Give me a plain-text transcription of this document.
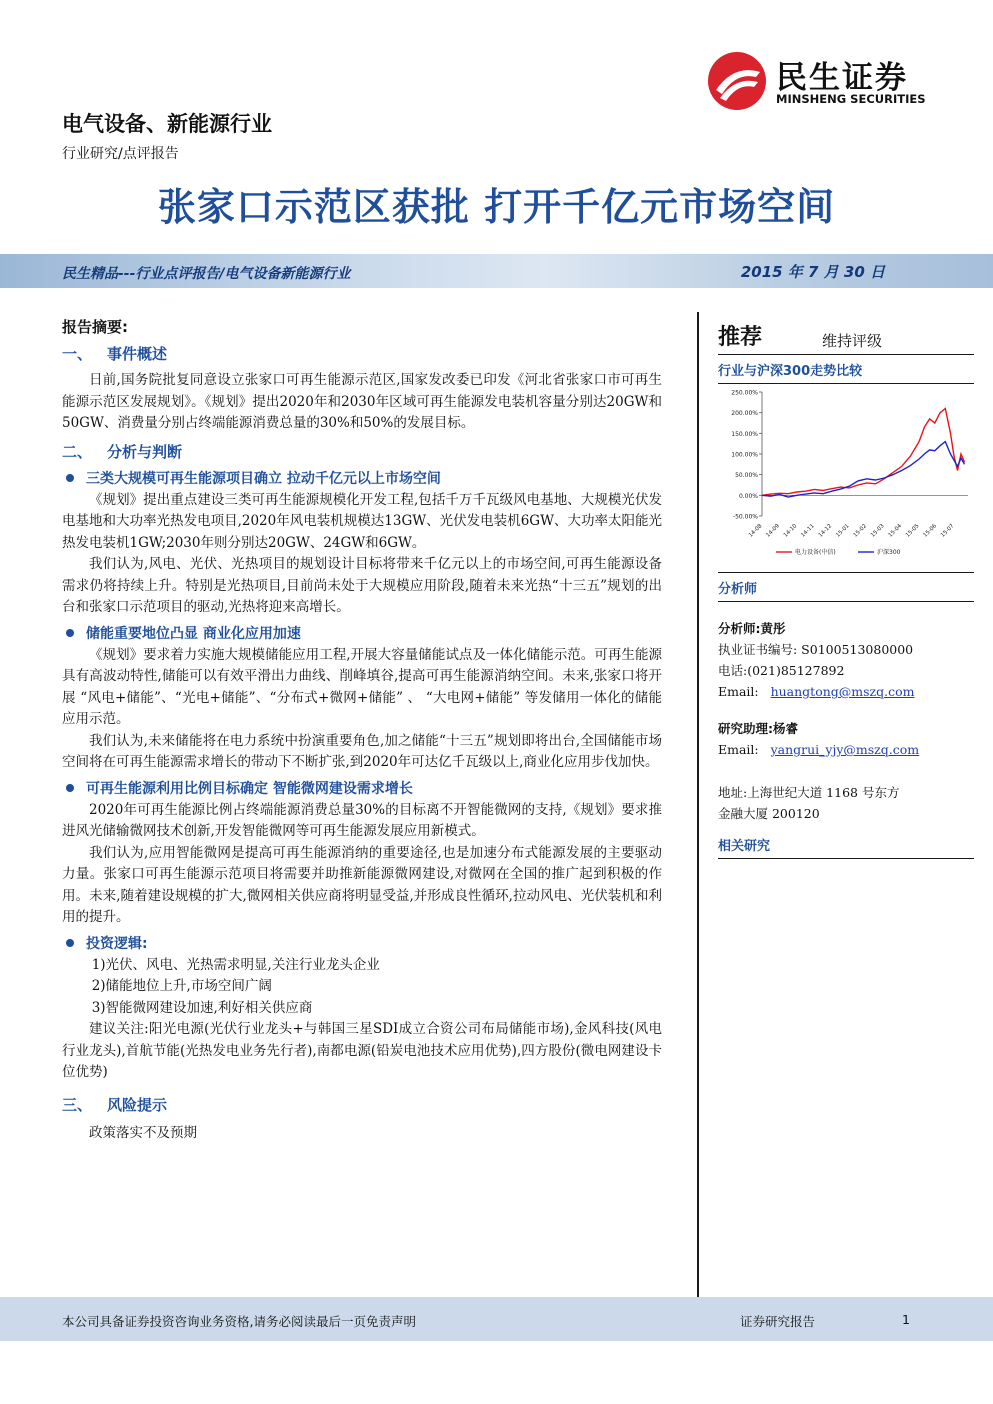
民生证券
MINSHENG SECURITIES
电气设备、新能源行业
行业研究/点评报告
张家口示范区获批 打开千亿元市场空间
民生精品---行业点评报告/电气设备新能源行业	2015 年 7 月 30 日
报告摘要:
一、 事件概述

日前,国务院批复同意设立张家口可再生能源示范区,国家发改委已印发《河北省张家口市可再生能源示范区发展规划》。《规划》提出2020年和2030年区域可再生能源发电装机容量分别达20GW和50GW、消费量分别占终端能源消费总量的30%和50%的发展目标。

二、 分析与判断
三类大规模可再生能源项目确立 拉动千亿元以上市场空间

《规划》提出重点建设三类可再生能源规模化开发工程,包括千万千瓦级风电基地、大规模光伏发电基地和大功率光热发电项目,2020年风电装机规模达13GW、光伏发电装机6GW、大功率太阳能光热发电装机1GW;2030年则分别达20GW、24GW和6GW。

我们认为,风电、光伏、光热项目的规划设计目标将带来千亿元以上的市场空间,可再生能源设备需求仍将持续上升。特别是光热项目,目前尚未处于大规模应用阶段,随着未来光热“十三五”规划的出台和张家口示范项目的驱动,光热将迎来高增长。

储能重要地位凸显 商业化应用加速

《规划》要求着力实施大规模储能应用工程,开展大容量储能试点及一体化储能示范。可再生能源具有高波动特性,储能可以有效平滑出力曲线、削峰填谷,提高可再生能源消纳空间。未来,张家口将开展 “风电+储能”、“光电+储能”、“分布式+微网+储能” 、 “大电网+储能” 等发储用一体化的储能应用示范。

我们认为,未来储能将在电力系统中扮演重要角色,加之储能“十三五”规划即将出台,全国储能市场空间将在可再生能源需求增长的带动下不断扩张,到2020年可达亿千瓦级以上,商业化应用步伐加快。

可再生能源利用比例目标确定 智能微网建设需求增长

2020年可再生能源比例占终端能源消费总量30%的目标离不开智能微网的支持,《规划》要求推进风光储输微网技术创新,开发智能微网等可再生能源发展应用新模式。

我们认为,应用智能微网是提高可再生能源消纳的重要途径,也是加速分布式能源发展的主要驱动力量。张家口可再生能源示范项目将需要并助推新能源微网建设,对微网在全国的推广起到积极的作用。未来,随着建设规模的扩大,微网相关供应商将明显受益,并形成良性循环,拉动风电、光伏装机和利用的提升。

投资逻辑:

1)光伏、风电、光热需求明显,关注行业龙头企业

2)储能地位上升,市场空间广阔

3)智能微网建设加速,利好相关供应商

建议关注:阳光电源(光伏行业龙头+与韩国三星SDI成立合资公司布局储能市场),金风科技(风电行业龙头),首航节能(光热发电业务先行者),南都电源(铅炭电池技术应用优势),四方股份(微电网建设卡位优势)

三、 风险提示

政策落实不及预期

推荐	维持评级
行业与沪深300走势比较
250.00%
200.00%
150.00%
100.00%
50.00%
0.00%
-50.00%
14-08 14-09 14-10 14-11 14-12 15-01 15-02 15-03 15-04 15-05 15-06 15-07
电力设备(中信)	沪深300
分析师

分析师:黄彤

执业证书编号: S0100513080000

电话:(021)85127892

Email: huangtong@mszq.com

研究助理:杨睿

Email: yangrui_yjy@mszq.com

地址:上海世纪大道 1168 号东方

金融大厦 200120

相关研究
本公司具备证券投资咨询业务资格,请务必阅读最后一页免责声明	证券研究报告	1
